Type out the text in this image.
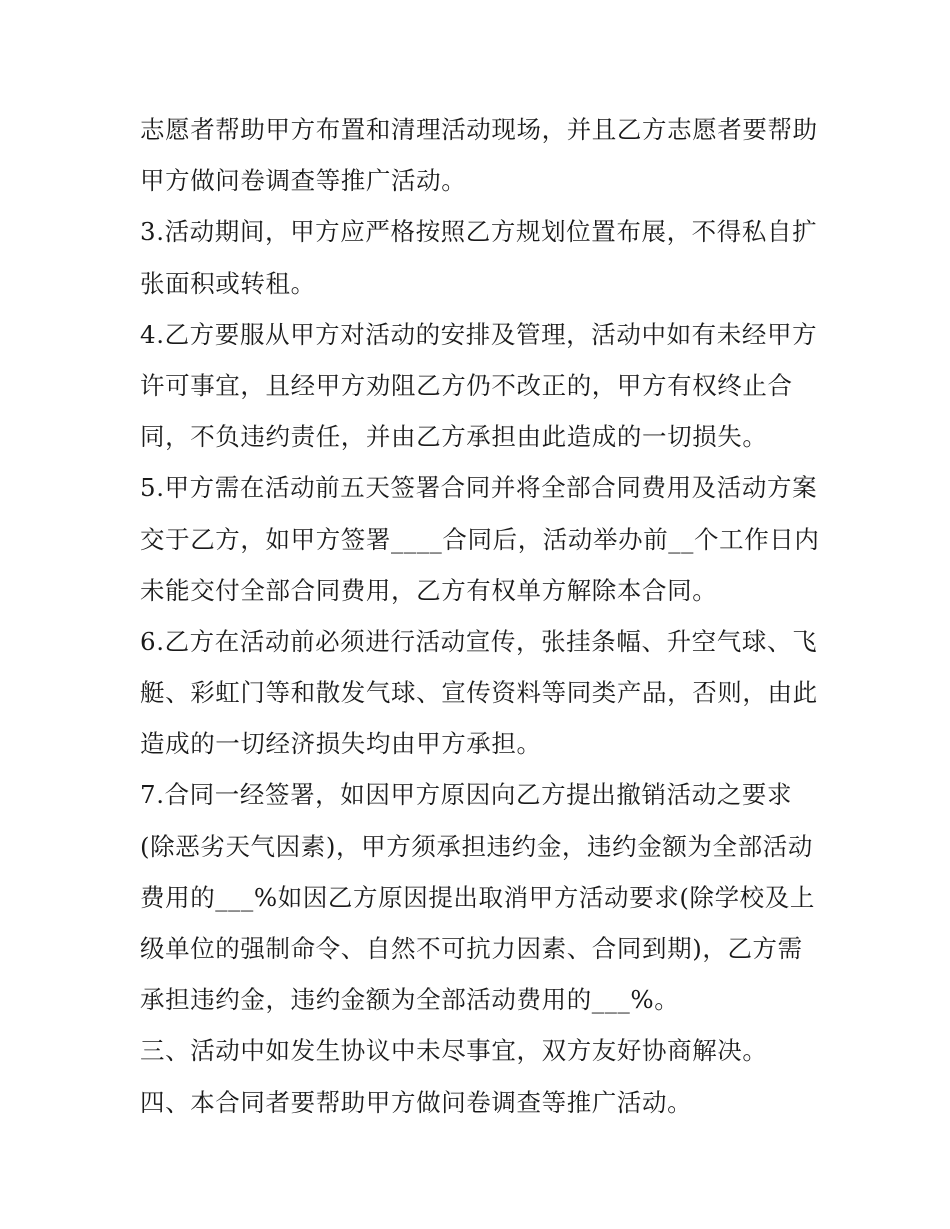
志愿者帮助甲方布置和清理活动现场，并且乙方志愿者要帮助
甲方做问卷调查等推广活动。
3.活动期间，甲方应严格按照乙方规划位置布展，不得私自扩
张面积或转租。
4.乙方要服从甲方对活动的安排及管理，活动中如有未经甲方
许可事宜，且经甲方劝阻乙方仍不改正的，甲方有权终止合
同，不负违约责任，并由乙方承担由此造成的一切损失。
5.甲方需在活动前五天签署合同并将全部合同费用及活动方案
交于乙方，如甲方签署____合同后，活动举办前__个工作日内
未能交付全部合同费用，乙方有权单方解除本合同。
6.乙方在活动前必须进行活动宣传，张挂条幅、升空气球、飞
艇、彩虹门等和散发气球、宣传资料等同类产品，否则，由此
造成的一切经济损失均由甲方承担。
7.合同一经签署，如因甲方原因向乙方提出撤销活动之要求
(除恶劣天气因素)，甲方须承担违约金，违约金额为全部活动
费用的___%如因乙方原因提出取消甲方活动要求(除学校及上
级单位的强制命令、自然不可抗力因素、合同到期)，乙方需
承担违约金，违约金额为全部活动费用的___%。
三、活动中如发生协议中未尽事宜，双方友好协商解决。
四、本合同者要帮助甲方做问卷调查等推广活动。
